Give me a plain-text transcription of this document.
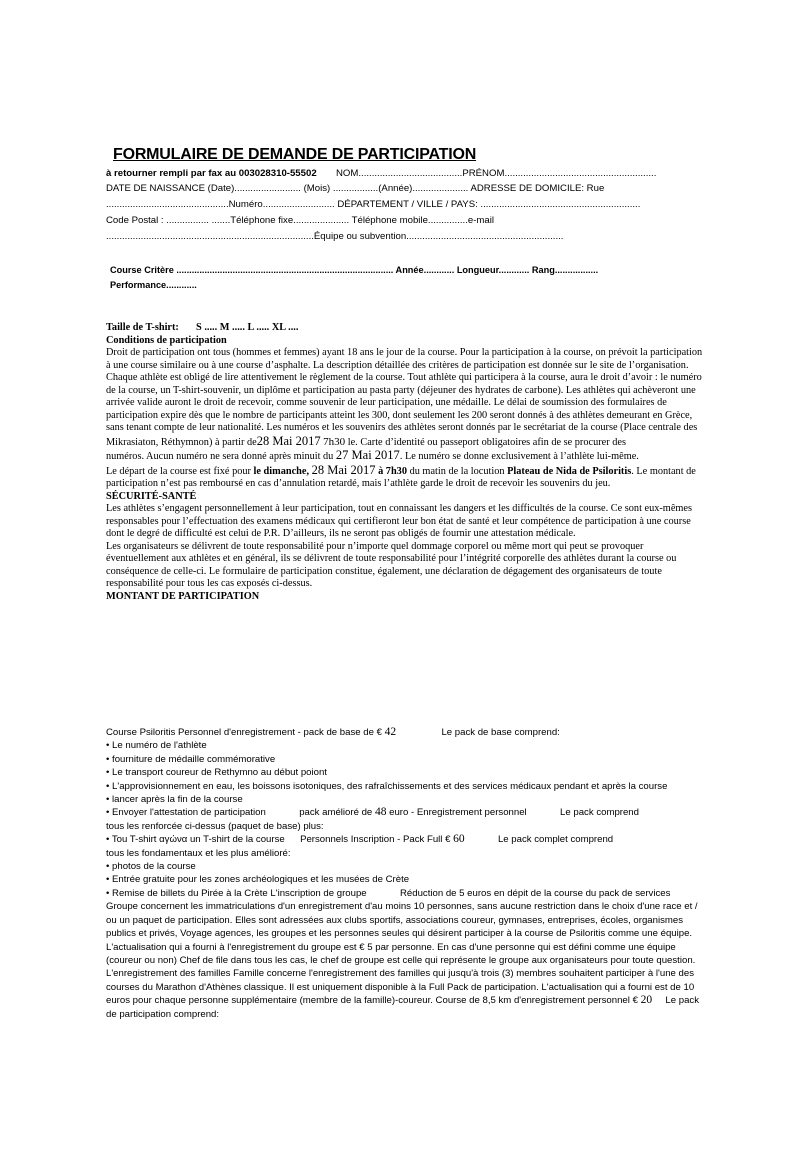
FORMULAIRE DE DEMANDE DE PARTICIPATION
à retourner rempli par fax au 003028310-55502 NOM.......................................PRÉNOM.........................................................
DATE DE NAISSANCE (Date)......................... (Mois) .................(Année)..................... ADRESSE DE DOMICILE: Rue
..............................................Numéro........................... DÉPARTEMENT / VILLE / PAYS: ............................................................
Code Postal : ................ .......Téléphone fixe..................... Téléphone mobile...............e-mail
..............................................................................Équipe ou subvention...........................................................
Course Critère ..................................................................................... Année............ Longueur............ Rang.................
Performance............

Taille de T-shirt: S ..... M ..... L ..... XL ....

Conditions de participation

Droit de participation ont tous (hommes et femmes) ayant 18 ans le jour de la course. Pour la participation à la course, on prévoit la participation à une course similaire ou à une course d’asphalte. La description détaillée des critères de participation est donnée sur le site de l’organisation.

Chaque athlète est obligé de lire attentivement le règlement de la course. Tout athlète qui participera à la course, aura le droit d’avoir : le numéro de la course, un T-shirt-souvenir, un diplôme et participation au pasta party (déjeuner des hydrates de carbone). Les athlètes qui achèveront une arrivée valide auront le droit de recevoir, comme souvenir de leur participation, une médaille. Le délai de soumission des formulaires de participation expire dès que le nombre de participants atteint les 300, dont seulement les 200 seront donnés à des athlètes demeurant en Grèce, sans tenant compte de leur nationalité. Les numéros et les souvenirs des athlètes seront donnés par le secrétariat de la course (Place centrale des Mikrasiaton, Réthymnon) à partir de28 Mai 2017 7h30 le. Carte d’identité ou passeport obligatoires afin de se procurer des

numéros. Aucun numéro ne sera donné après minuit du 27 Mai 2017. Le numéro se donne exclusivement à l’athlète lui-même.

Le départ de la course est fixé pour le dimanche, 28 Mai 2017 à 7h30 du matin de la locution Plateau de Nida de Psiloritis. Le montant de participation n’est pas remboursé en cas d’annulation retardé, mais l’athlète garde le droit de recevoir les souvenirs du jeu.

SÉCURITÉ-SANTÉ

Les athlètes s’engagent personnellement à leur participation, tout en connaissant les dangers et les difficultés de la course. Ce sont eux-mêmes responsables pour l’effectuation des examens médicaux qui certifieront leur bon état de santé et leur compétence de participation à une course dont le degré de difficulté est celui de P.R. D’ailleurs, ils ne seront pas obligés de fournir une attestation médicale.

Les organisateurs se délivrent de toute responsabilité pour n’importe quel dommage corporel ou même mort qui peut se provoquer éventuellement aux athlètes et en général, ils se délivrent de toute responsabilité pour l’intégrité corporelle des athlètes durant la course ou conséquence de celle-ci. Le formulaire de participation constitue, également, une déclaration de dégagement des organisateurs de toute responsabilité pour tous les cas exposés ci-dessus.

MONTANT DE PARTICIPATION

Course Psiloritis Personnel d'enregistrement - pack de base de € 42	Le pack de base comprend:

• Le numéro de l'athlète

• fourniture de médaille commémorative

• Le transport coureur de Rethymno au début poiont

• L'approvisionnement en eau, les boissons isotoniques, des rafraîchissements et des services médicaux pendant et après la course

• lancer après la fin de la course

• Envoyer l'attestation de participation	pack amélioré de 48 euro - Enregistrement personnel	Le pack comprend

tous les renforcée ci-dessus (paquet de base) plus:

• Tou T-shirt αγώνα un T-shirt de la course Personnels Inscription - Pack Full € 60	Le pack complet comprend

tous les fondamentaux et les plus amélioré:

• photos de la course

• Entrée gratuite pour les zones archéologiques et les musées de Crète

• Remise de billets du Pirée à la Crète L'inscription de groupe	Réduction de 5 euros en dépit de la course du pack de services Groupe concernent les immatriculations d'un enregistrement d'au moins 10 personnes, sans aucune restriction dans le choix d'une race et / ou un paquet de participation. Elles sont adressées aux clubs sportifs, associations coureur, gymnases, entreprises, écoles, organismes publics et privés, Voyage agences, les groupes et les personnes seules qui désirent participer à la course de Psiloritis comme une équipe. L'actualisation qui a fourni à l'enregistrement du groupe est € 5 par personne. En cas d'une personne qui est défini comme une équipe (coureur ou non) Chef de file dans tous les cas, le chef de groupe est celle qui représente le groupe aux organisateurs pour toute question. L'enregistrement des familles Famille concerne l'enregistrement des familles qui jusqu'à trois (3) membres souhaitent participer à l'une des courses du Marathon d'Athènes classique. Il est uniquement disponible à la Full Pack de participation. L'actualisation qui a fourni est de 10 euros pour chaque personne supplémentaire (membre de la famille)-coureur. Course de 8,5 km d'enregistrement personnel € 20 Le pack de participation comprend:
